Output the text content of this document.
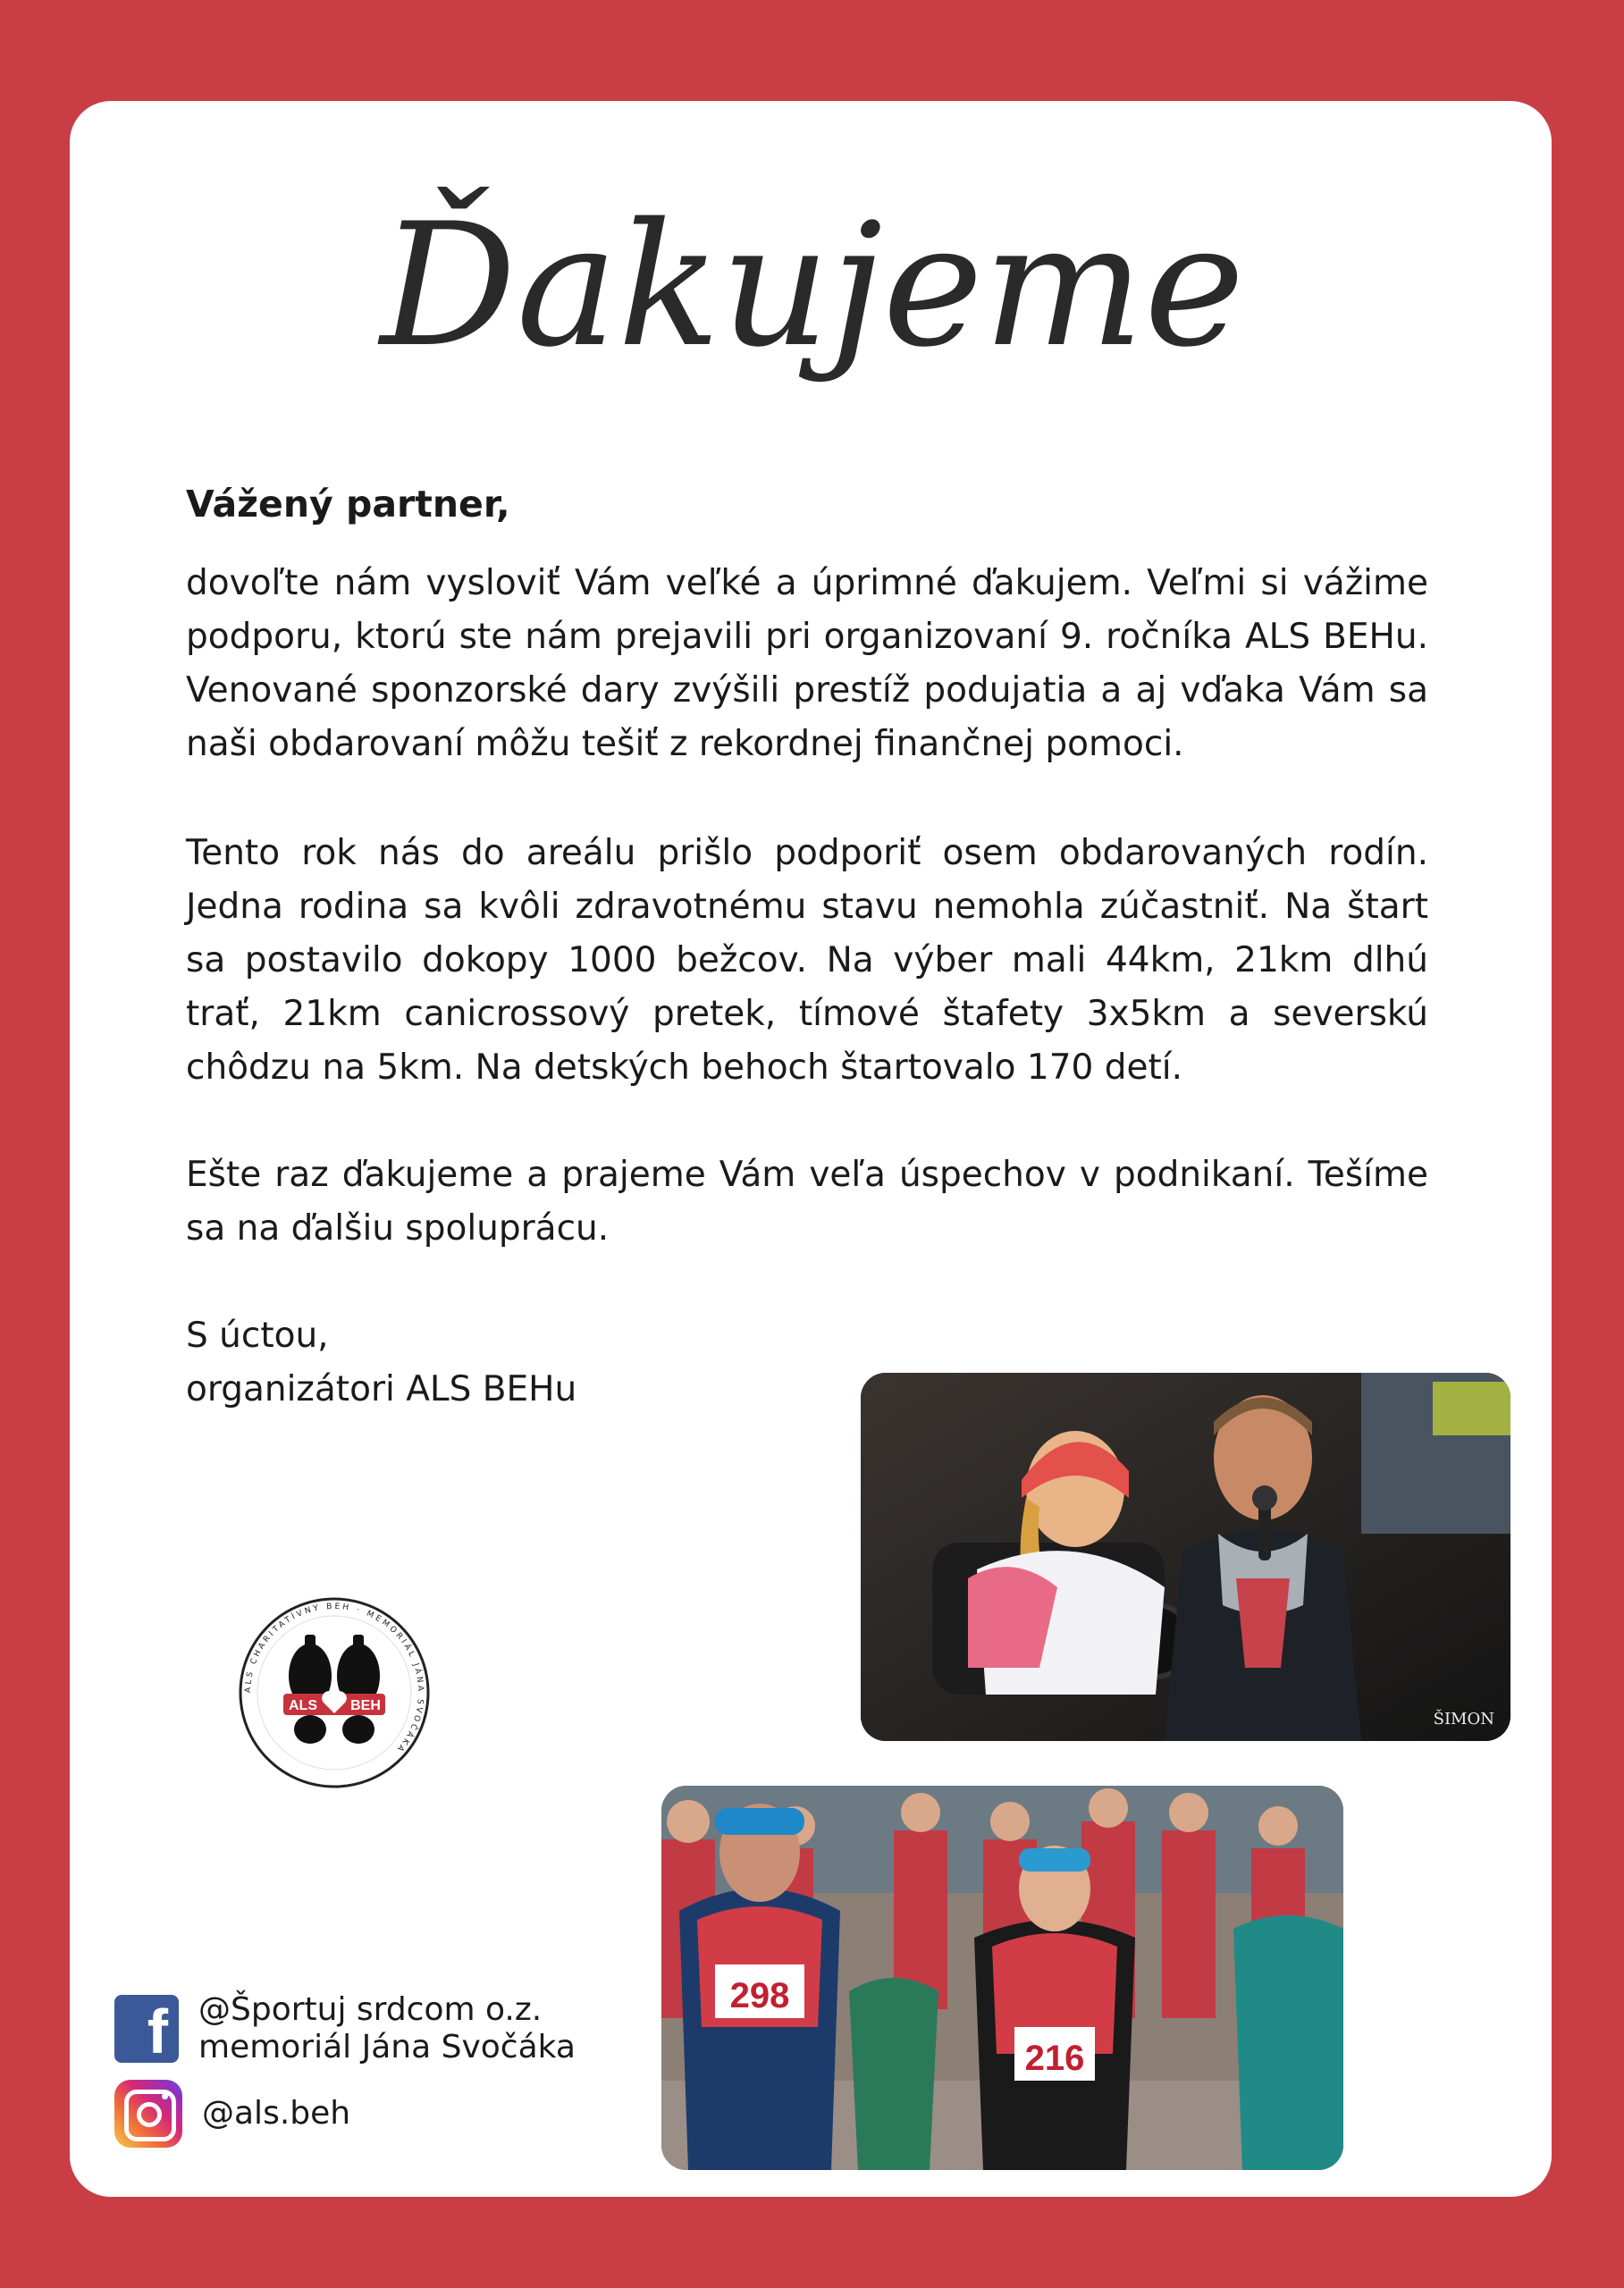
Ďakujeme
Vážený partner,
dovoľte nám vysloviť Vám veľké a úprimné ďakujem. Veľmi si vážime podporu, ktorú ste nám prejavili pri organizovaní 9. ročníka ALS BEHu. Venované sponzorské dary zvýšili prestíž podujatia a aj vďaka Vám sa naši obdarovaní môžu tešiť z rekordnej finančnej pomoci.
Tento rok nás do areálu prišlo podporiť osem obdarovaných rodín. Jedna rodina sa kvôli zdravotnému stavu nemohla zúčastniť. Na štart sa postavilo dokopy 1000 bežcov. Na výber mali 44km, 21km dlhú trať, 21km canicrossový pretek, tímové štafety 3x5km a severskú chôdzu na 5km. Na detských behoch štartovalo 170 detí.
Ešte raz ďakujeme a prajeme Vám veľa úspechov v podnikaní. Tešíme sa na ďalšiu spoluprácu.
S úctou,
organizátori ALS BEHu
ŠIMON
298
216
ALS CHARITATÍVNY BEH · MEMORIÁL JÁNA SVOČÁKA
ALS BEH
f @Športuj srdcom o.z.
memoriál Jána Svočáka
@als.beh
